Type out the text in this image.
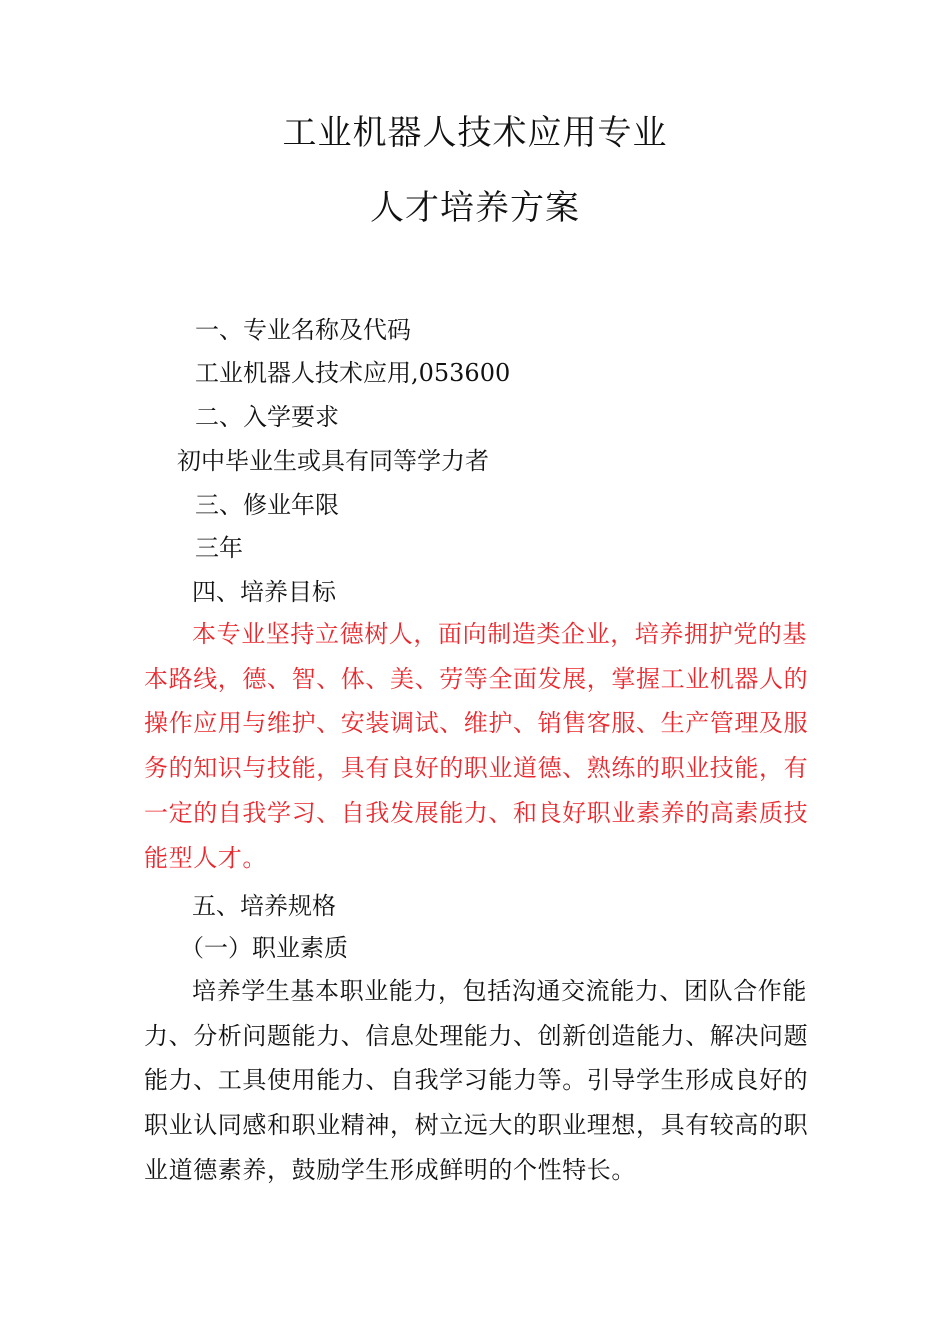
工业机器人技术应用专业
人才培养方案
一、专业名称及代码
工业机器人技术应用,053600
二、入学要求
初中毕业生或具有同等学力者
三、修业年限
三年
四、培养目标
本专业坚持立德树人，面向制造类企业，培养拥护党的基本路线，德、智、体、美、劳等全面发展，掌握工业机器人的操作应用与维护、安装调试、维护、销售客服、生产管理及服务的知识与技能，具有良好的职业道德、熟练的职业技能，有一定的自我学习、自我发展能力、和良好职业素养的高素质技能型人才。
五、培养规格
（一）职业素质
培养学生基本职业能力，包括沟通交流能力、团队合作能力、分析问题能力、信息处理能力、创新创造能力、解决问题能力、工具使用能力、自我学习能力等。引导学生形成良好的职业认同感和职业精神，树立远大的职业理想，具有较高的职业道德素养，鼓励学生形成鲜明的个性特长。
